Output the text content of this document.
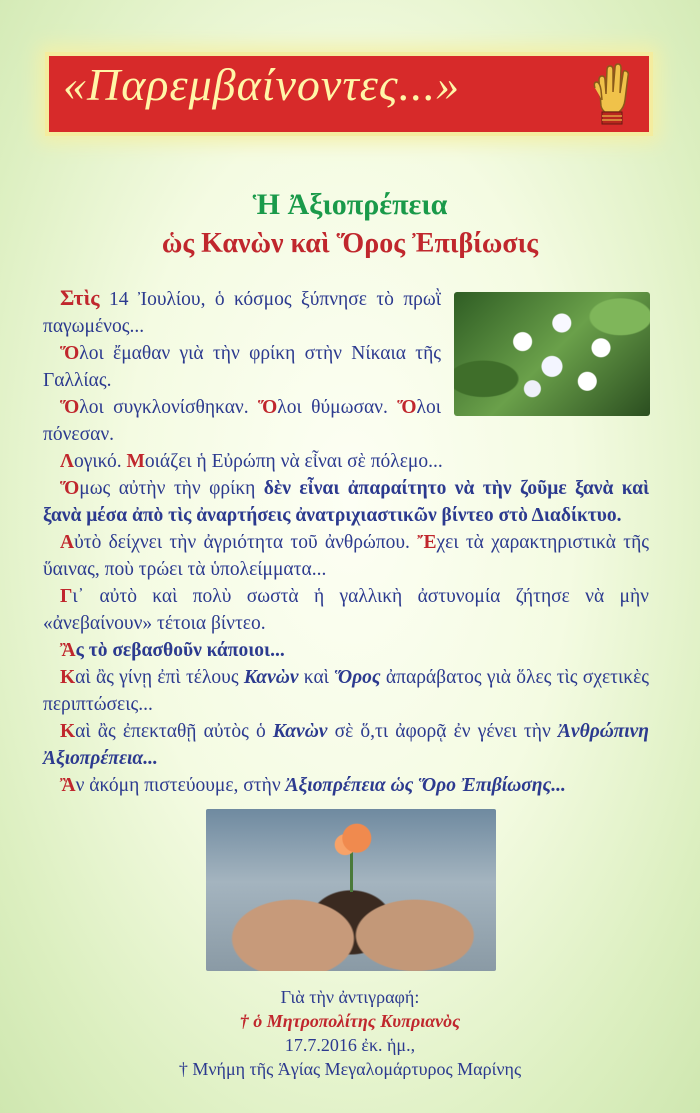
«Παρεμβαίνοντες...»
Ἡ Ἀξιοπρέπεια
ὡς Κανὼν καὶ Ὅρος Ἐπιβίωσις

Στὶς 14 Ἰουλίου, ὁ κόσμος ξύπνησε τὸ πρωῒ παγωμένος...

Ὅλοι ἔμαθαν γιὰ τὴν φρίκη στὴν Νίκαια τῆς Γαλλίας.

Ὅλοι συγκλονίσθηκαν. Ὅλοι θύμωσαν. Ὅλοι πόνεσαν.

Λογικό. Μοιάζει ἡ Εὐρώπη νὰ εἶναι σὲ πόλεμο...

Ὅμως αὐτὴν τὴν φρίκη δὲν εἶναι ἀπαραίτητο νὰ τὴν ζοῦμε ξανὰ καὶ ξανὰ μέσα ἀπὸ τὶς ἀναρτήσεις ἀνατριχιαστικῶν βίντεο στὸ Διαδίκτυο.

Αὐτὸ δείχνει τὴν ἀγριότητα τοῦ ἀνθρώπου. Ἔχει τὰ χαρακτηριστικὰ τῆς ὕαινας, ποὺ τρώει τὰ ὑπολείμματα...

Γι᾿ αὐτὸ καὶ πολὺ σωστὰ ἡ γαλλικὴ ἀστυνομία ζήτησε νὰ μὴν «ἀνεβαίνουν» τέτοια βίντεο.

Ἂς τὸ σεβασθοῦν κάποιοι...

Καὶ ἂς γίνῃ ἐπὶ τέλους Κανὼν καὶ Ὅρος ἀπαράβατος γιὰ ὅλες τὶς σχετικὲς περιπτώσεις...

Καὶ ἂς ἐπεκταθῇ αὐτὸς ὁ Κανὼν σὲ ὅ,τι ἀφορᾷ ἐν γένει τὴν Ἀνθρώπινη Ἀξιοπρέπεια...

Ἂν ἀκόμη πιστεύουμε, στὴν Ἀξιοπρέπεια ὡς Ὅρο Ἐπιβίωσης...

Γιὰ τὴν ἀντιγραφή:
† ὁ Μητροπολίτης Κυπριανὸς
17.7.2016 ἐκ. ἡμ.,
† Μνήμη τῆς Ἁγίας Μεγαλομάρτυρος Μαρίνης
